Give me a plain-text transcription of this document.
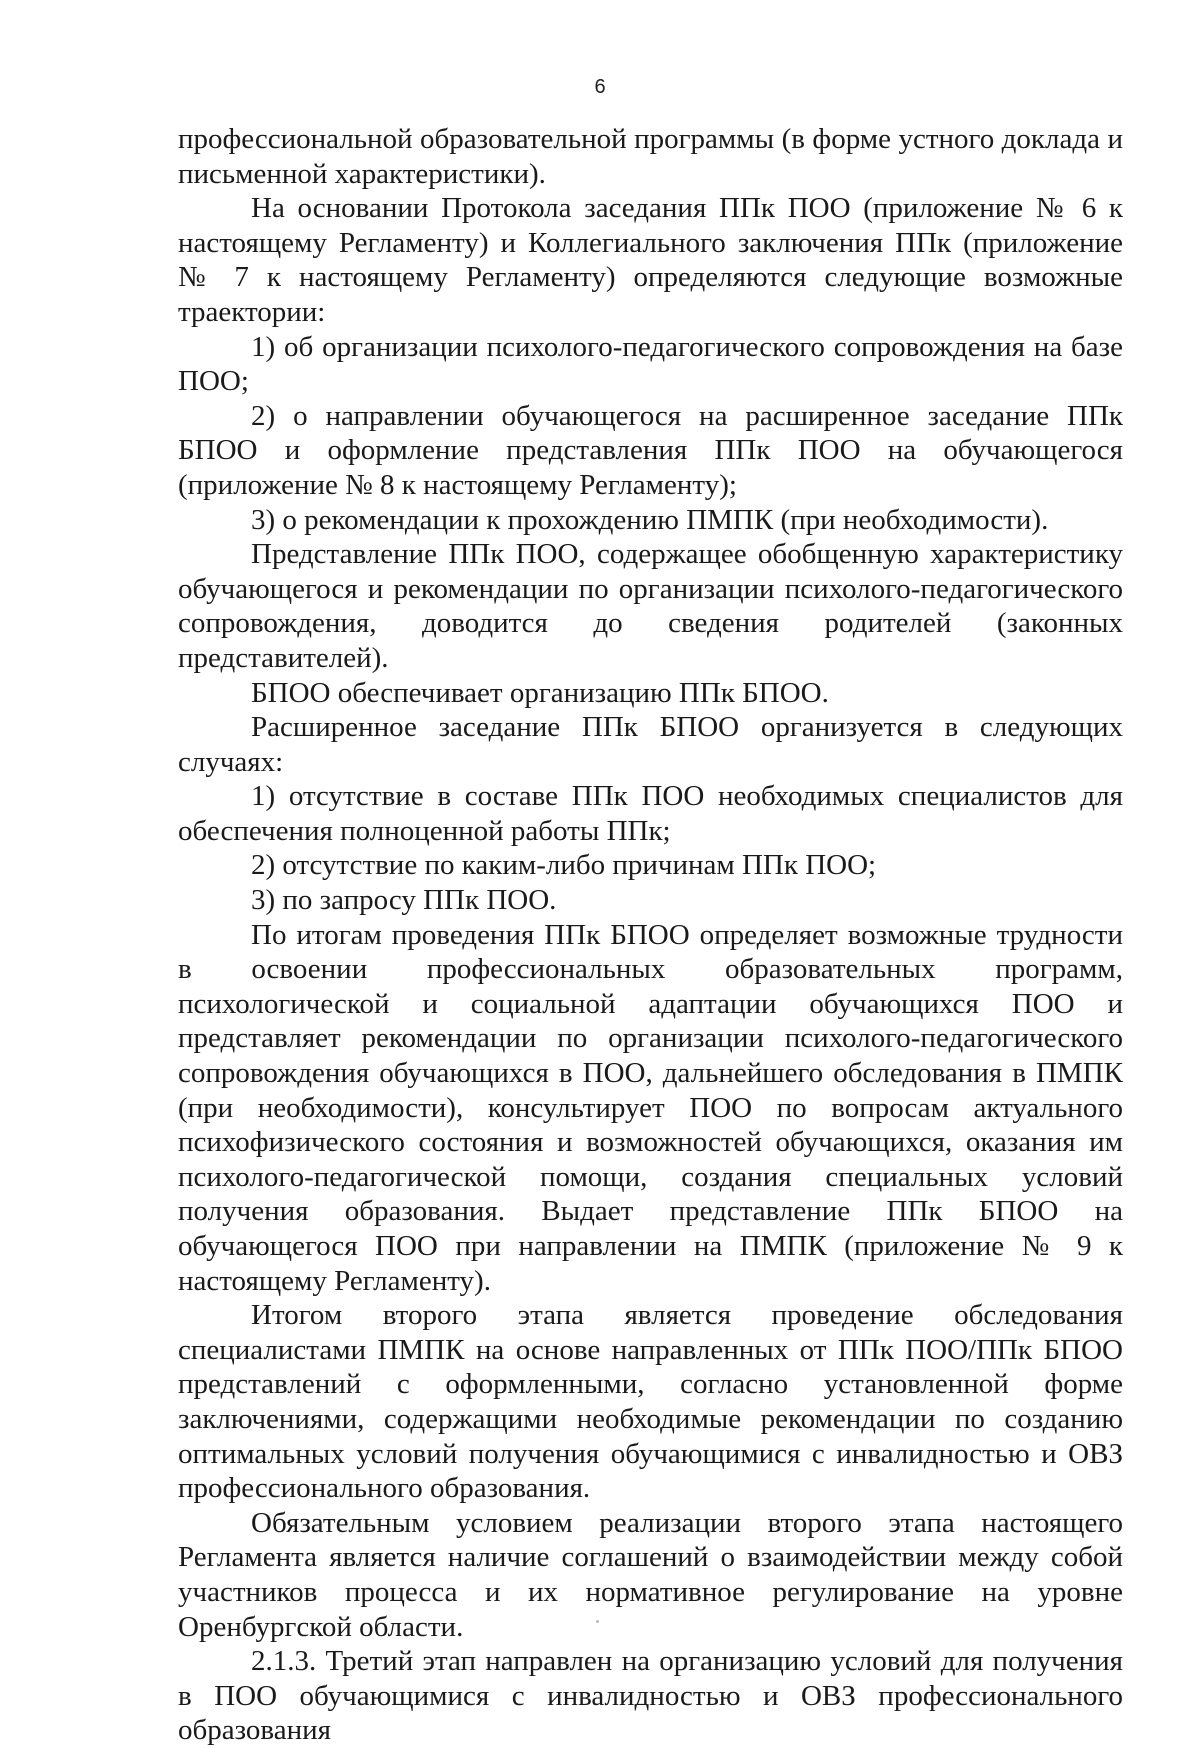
6

профессиональной образовательной программы (в форме устного доклада и письменной характеристики).

На основании Протокола заседания ППк ПОО (приложение № 6 к настоящему Регламенту) и Коллегиального заключения ППк (приложение № 7 к настоящему Регламенту) определяются следующие возможные траектории:

1) об организации психолого-педагогического сопровождения на базе ПОО;

2) о направлении обучающегося на расширенное заседание ППк БПОО и оформление представления ППк ПОО на обучающегося (приложение № 8 к настоящему Регламенту);

3) о рекомендации к прохождению ПМПК (при необходимости).

Представление ППк ПОО, содержащее обобщенную характеристику обучающегося и рекомендации по организации психолого-педагогического сопровождения, доводится до сведения родителей (законных представителей).

БПОО обеспечивает организацию ППк БПОО.

Расширенное заседание ППк БПОО организуется в следующих случаях:

1) отсутствие в составе ППк ПОО необходимых специалистов для обеспечения полноценной работы ППк;

2) отсутствие по каким-либо причинам ППк ПОО;

3) по запросу ППк ПОО.

По итогам проведения ППк БПОО определяет возможные трудности в освоении профессиональных образовательных программ, психологической и социальной адаптации обучающихся ПОО и представляет рекомендации по организации психолого-педагогического сопровождения обучающихся в ПОО, дальнейшего обследования в ПМПК (при необходимости), консультирует ПОО по вопросам актуального психофизического состояния и возможностей обучающихся, оказания им психолого-педагогической помощи, создания специальных условий получения образования. Выдает представление ППк БПОО на обучающегося ПОО при направлении на ПМПК (приложение № 9 к настоящему Регламенту).

Итогом второго этапа является проведение обследования специалистами ПМПК на основе направленных от ППк ПОО/ППк БПОО представлений с оформленными, согласно установленной форме заключениями, содержащими необходимые рекомендации по созданию оптимальных условий получения обучающимися с инвалидностью и ОВЗ профессионального образования.

Обязательным условием реализации второго этапа настоящего Регламента является наличие соглашений о взаимодействии между собой участников процесса и их нормативное регулирование на уровне Оренбургской области.

2.1.3. Третий этап направлен на организацию условий для получения в ПОО обучающимися с инвалидностью и ОВЗ профессионального образования
